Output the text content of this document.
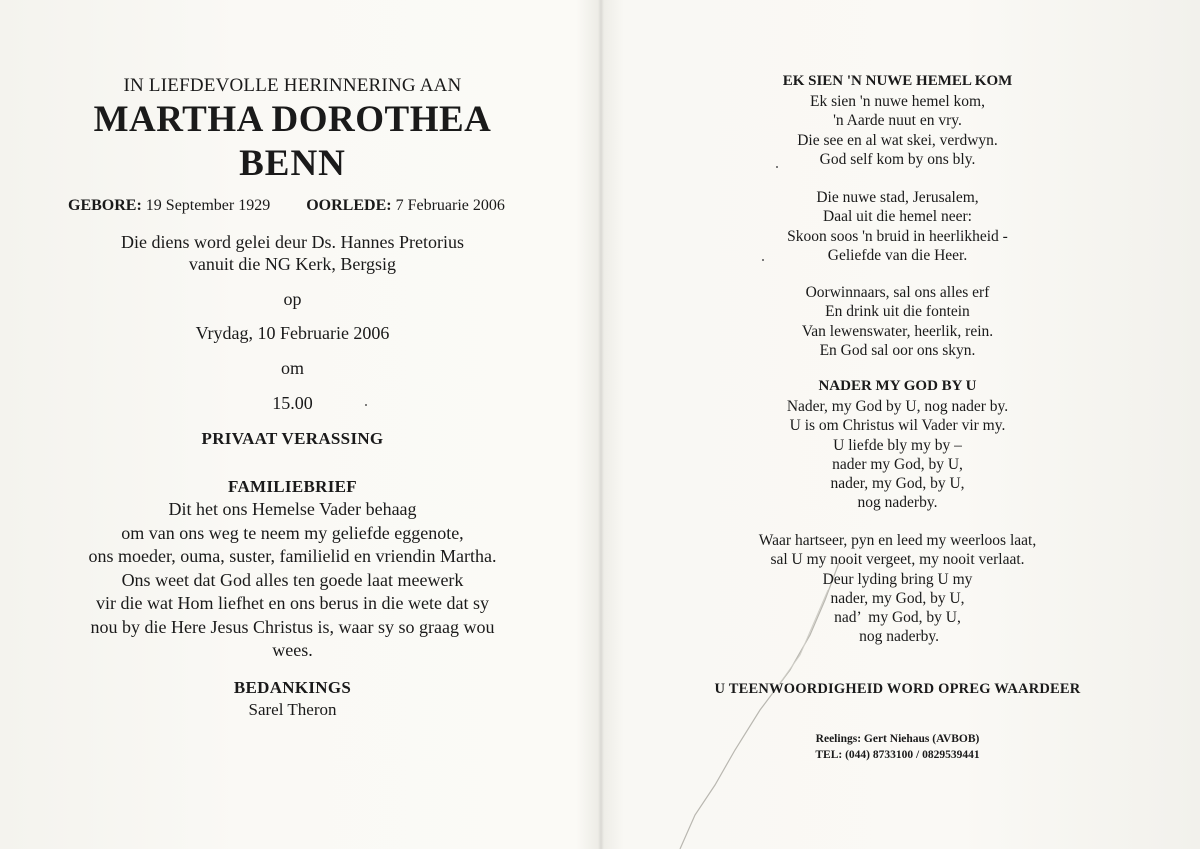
IN LIEFDEVOLLE HERINNERING AAN
MARTHA DOROTHEA
BENN
GEBORE: 19 September 1929 OORLEDE: 7 Februarie 2006
Die diens word gelei deur Ds. Hannes Pretorius
vanuit die NG Kerk, Bergsig
op
Vrydag, 10 Februarie 2006
om
15.00
PRIVAAT VERASSING
FAMILIEBRIEF
Dit het ons Hemelse Vader behaag
om van ons weg te neem my geliefde eggenote,
ons moeder, ouma, suster, familielid en vriendin Martha.
Ons weet dat God alles ten goede laat meewerk
vir die wat Hom liefhet en ons berus in die wete dat sy
nou by die Here Jesus Christus is, waar sy so graag wou
wees.
BEDANKINGS
Sarel Theron
EK SIEN 'N NUWE HEMEL KOM
Ek sien 'n nuwe hemel kom,
'n Aarde nuut en vry.
Die see en al wat skei, verdwyn.
God self kom by ons bly.
Die nuwe stad, Jerusalem,
Daal uit die hemel neer:
Skoon soos 'n bruid in heerlikheid -
Geliefde van die Heer.
Oorwinnaars, sal ons alles erf
En drink uit die fontein
Van lewenswater, heerlik, rein.
En God sal oor ons skyn.
NADER MY GOD BY U
Nader, my God by U, nog nader by.
U is om Christus wil Vader vir my.
U liefde bly my by –
nader my God, by U,
nader, my God, by U,
nog naderby.
Waar hartseer, pyn en leed my weerloos laat,
sal U my nooit vergeet, my nooit verlaat.
Deur lyding bring U my
nader, my God, by U,
nad’  my God, by U,
 nog naderby.
U TEENWOORDIGHEID WORD OPREG WAARDEER
Reelings: Gert Niehaus (AVBOB)
TEL: (044) 8733100 / 0829539441
